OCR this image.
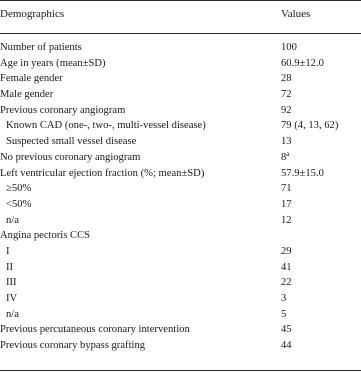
Demographics	Values
Number of patients	100
Age in years (mean±SD)	60.9±12.0
Female gender	28
Male gender	72
Previous coronary angiogram	92
Known CAD (one-, two-, multi-vessel disease)	79 (4, 13, 62)
Suspected small vessel disease	13
No previous coronary angiogram	8$^a$
Left ventricular ejection fraction (%; mean±SD)	57.9±15.0
≥50%	71
<50%	17
n/a	12
Angina pectoris CCS
I	29
II	41
III	22
IV	3
n/a	5
Previous percutaneous coronary intervention	45
Previous coronary bypass grafting	44
